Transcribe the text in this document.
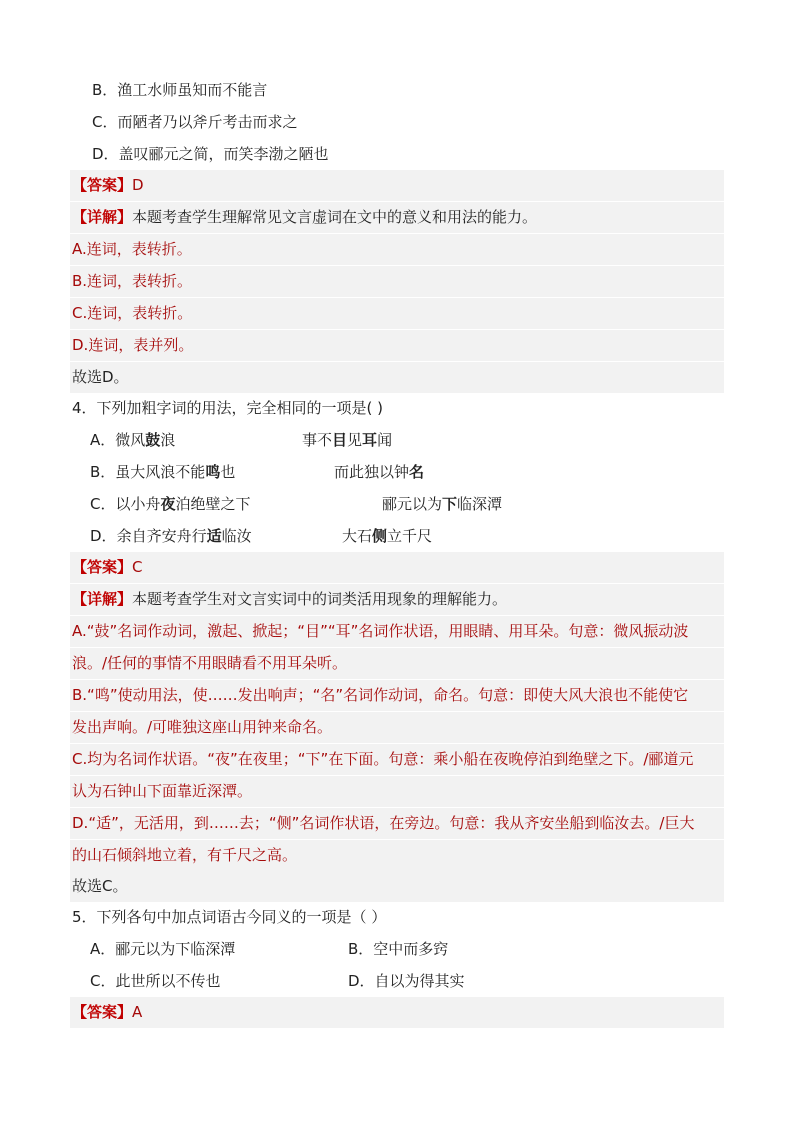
B．渔工水师虽知而不能言
C．而陋者乃以斧斤考击而求之
D．盖叹郦元之简，而笑李渤之陋也
【答案】D
【详解】本题考查学生理解常见文言虚词在文中的意义和用法的能力。
A.连词，表转折。
B.连词，表转折。
C.连词，表转折。
D.连词，表并列。
故选D。
4．下列加粗字词的用法，完全相同的一项是( )
A．微风鼓浪	事不目见耳闻
B．虽大风浪不能鸣也	而此独以钟名
C．以小舟夜泊绝壁之下	郦元以为下临深潭
D．余自齐安舟行适临汝	大石侧立千尺
【答案】C
【详解】本题考查学生对文言实词中的词类活用现象的理解能力。
A.“鼓”名词作动词，激起、掀起；“目”“耳”名词作状语，用眼睛、用耳朵。句意：微风振动波
浪。/任何的事情不用眼睛看不用耳朵听。
B.“鸣”使动用法，使……发出响声；“名”名词作动词，命名。句意：即使大风大浪也不能使它
发出声响。/可唯独这座山用钟来命名。
C.均为名词作状语。“夜”在夜里；“下”在下面。句意：乘小船在夜晚停泊到绝壁之下。/郦道元
认为石钟山下面靠近深潭。
D.“适”，无活用，到……去；“侧”名词作状语，在旁边。句意：我从齐安坐船到临汝去。/巨大
的山石倾斜地立着，有千尺之高。
故选C。
5．下列各句中加点词语古今同义的一项是（ ）
A．郦元以为下临深潭	B．空中而多窍
C．此世所以不传也	D．自以为得其实
【答案】A
